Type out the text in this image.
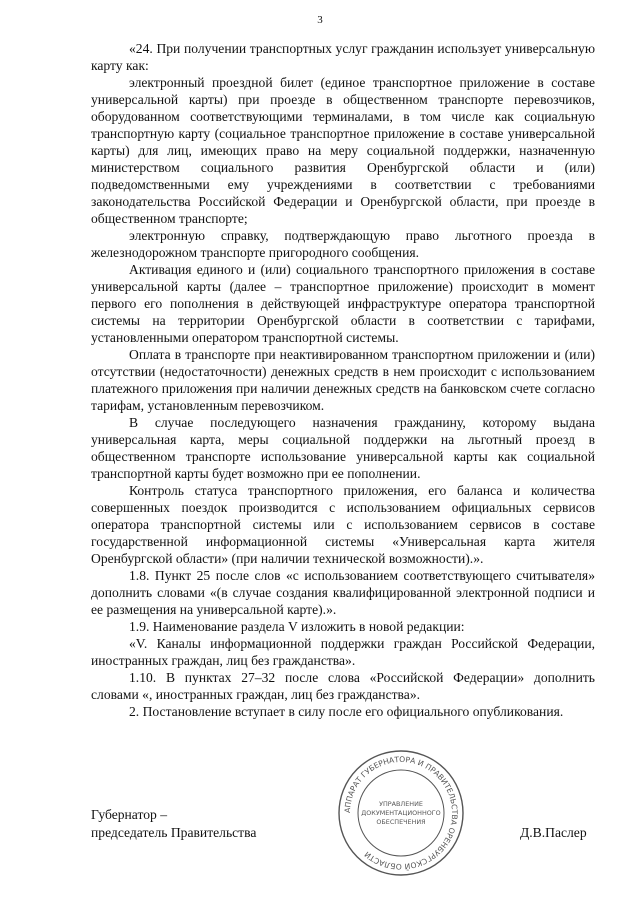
3

«24. При получении транспортных услуг гражданин использует универсальную карту как:

электронный проездной билет (единое транспортное приложение в составе универсальной карты) при проезде в общественном транспорте перевозчиков, оборудованном соответствующими терминалами, в том числе как социальную транспортную карту (социальное транспортное приложение в составе универсальной карты) для лиц, имеющих право на меру социальной поддержки, назначенную министерством социального развития Оренбургской области и (или) подведомственными ему учреждениями в соответствии с требованиями законодательства Российской Федерации и Оренбургской области, при проезде в общественном транспорте;

электронную справку, подтверждающую право льготного проезда в железнодорожном транспорте пригородного сообщения.

Активация единого и (или) социального транспортного приложения в составе универсальной карты (далее – транспортное приложение) происходит в момент первого его пополнения в действующей инфраструктуре оператора транспортной системы на территории Оренбургской области в соответствии с тарифами, установленными оператором транспортной системы.

Оплата в транспорте при неактивированном транспортном приложении и (или) отсутствии (недостаточности) денежных средств в нем происходит с использованием платежного приложения при наличии денежных средств на банковском счете согласно тарифам, установленным перевозчиком.

В случае последующего назначения гражданину, которому выдана универсальная карта, меры социальной поддержки на льготный проезд в общественном транспорте использование универсальной карты как социальной транспортной карты будет возможно при ее пополнении.

Контроль статуса транспортного приложения, его баланса и количества совершенных поездок производится с использованием официальных сервисов оператора транспортной системы или с использованием сервисов в составе государственной информационной системы «Универсальная карта жителя Оренбургской области» (при наличии технической возможности).».

1.8. Пункт 25 после слов «с использованием соответствующего считывателя» дополнить словами «(в случае создания квалифицированной электронной подписи и ее размещения на универсальной карте).».

1.9. Наименование раздела V изложить в новой редакции:

«V. Каналы информационной поддержки граждан Российской Федерации, иностранных граждан, лиц без гражданства».

1.10. В пунктах 27–32 после слова «Российской Федерации» дополнить словами «, иностранных граждан, лиц без гражданства».

2. Постановление вступает в силу после его официального опубликования.

Губернатор –
председатель Правительства
АППАРАТ ГУБЕРНАТОРА И ПРАВИТЕЛЬСТВА ОРЕНБУРГСКОЙ ОБЛАСТИ
УПРАВЛЕНИЕ
ДОКУМЕНТАЦИОННОГО
ОБЕСПЕЧЕНИЯ
Д.В.Паслер
